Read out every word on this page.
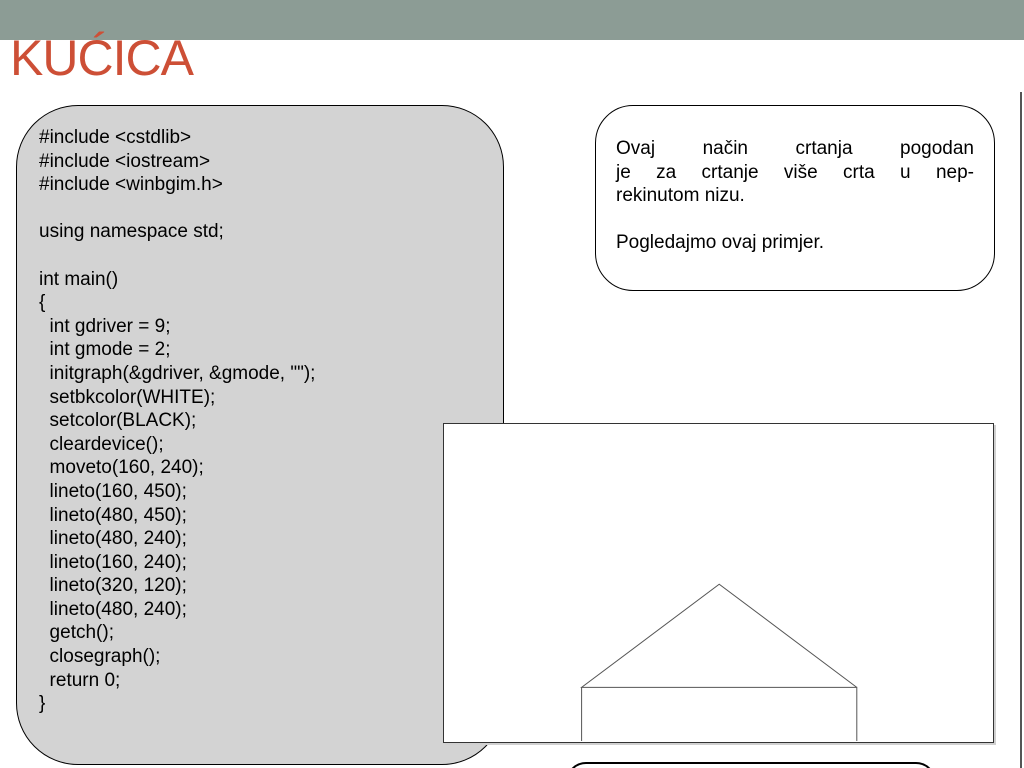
KUĆICA
#include <cstdlib>
#include <iostream>
#include <winbgim.h>
using namespace std;
int main()
{
int gdriver = 9;
int gmode = 2;
initgraph(&gdriver, &gmode, "");
setbkcolor(WHITE);
setcolor(BLACK);
cleardevice();
moveto(160, 240);
lineto(160, 450);
lineto(480, 450);
lineto(480, 240);
lineto(160, 240);
lineto(320, 120);
lineto(480, 240);
getch();
closegraph();
return 0;
}
Ovaj način crtanja pogodan
je za crtanje više crta u nep-
rekinutom nizu.
Pogledajmo ovaj primjer.
